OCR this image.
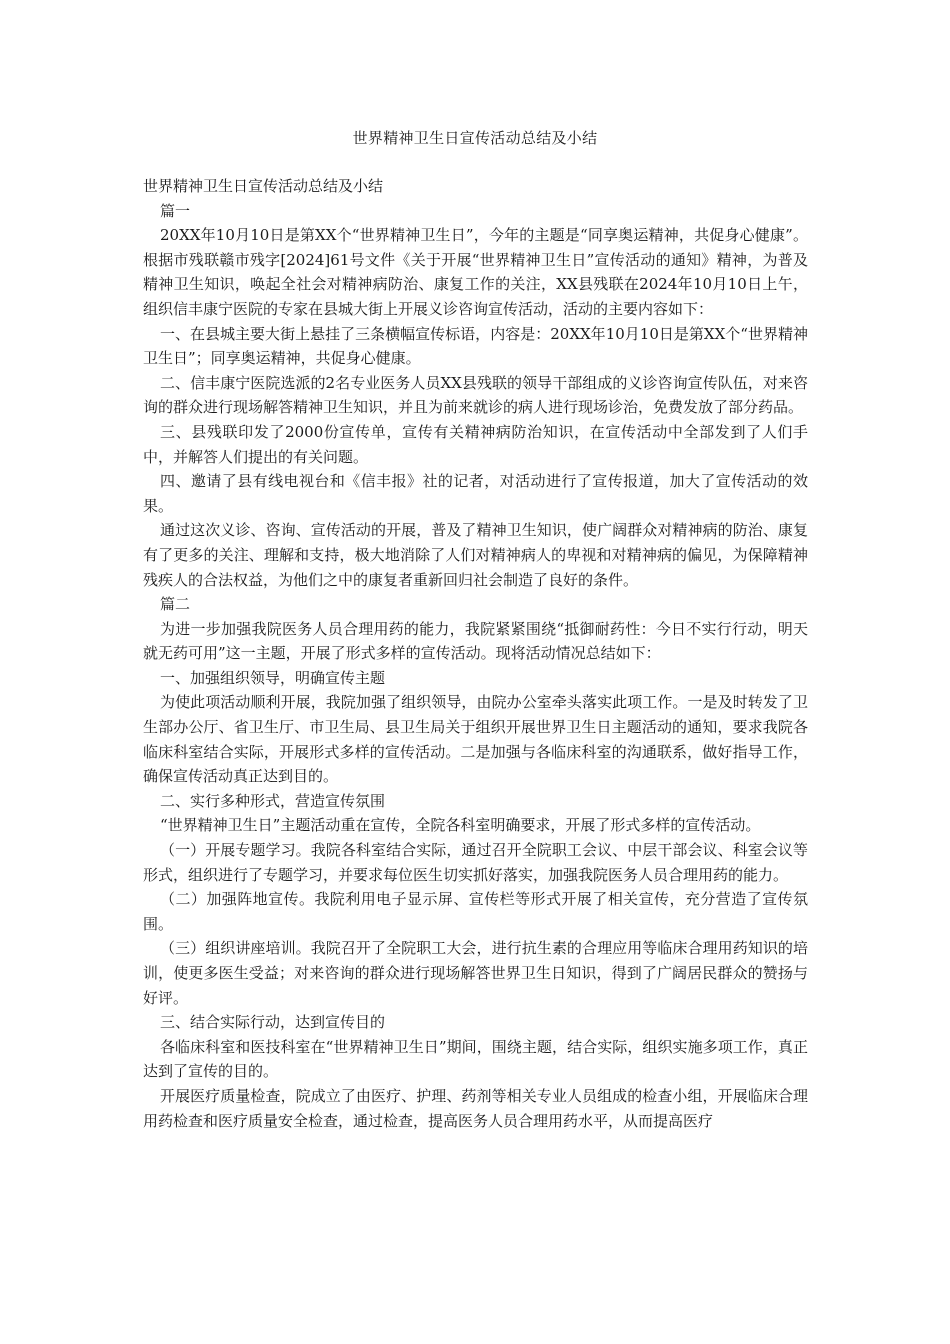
世界精神卫生日宣传活动总结及小结

世界精神卫生日宣传活动总结及小结

篇一

20XX年10月10日是第XX个“世界精神卫生日”，今年的主题是“同享奥运精神，共促身心健康”。根据市残联赣市残字[2024]61号文件《关于开展“世界精神卫生日”宣传活动的通知》精神，为普及精神卫生知识，唤起全社会对精神病防治、康复工作的关注，XX县残联在2024年10月10日上午，组织信丰康宁医院的专家在县城大街上开展义诊咨询宣传活动，活动的主要内容如下：

一、在县城主要大街上悬挂了三条横幅宣传标语，内容是：20XX年10月10日是第XX个“世界精神卫生日”；同享奥运精神，共促身心健康。

二、信丰康宁医院选派的2名专业医务人员XX县残联的领导干部组成的义诊咨询宣传队伍，对来咨询的群众进行现场解答精神卫生知识，并且为前来就诊的病人进行现场诊治，免费发放了部分药品。

三、县残联印发了2000份宣传单，宣传有关精神病防治知识，在宣传活动中全部发到了人们手中，并解答人们提出的有关问题。

四、邀请了县有线电视台和《信丰报》社的记者，对活动进行了宣传报道，加大了宣传活动的效果。

通过这次义诊、咨询、宣传活动的开展，普及了精神卫生知识，使广阔群众对精神病的防治、康复有了更多的关注、理解和支持，极大地消除了人们对精神病人的卑视和对精神病的偏见，为保障精神残疾人的合法权益，为他们之中的康复者重新回归社会制造了良好的条件。

篇二

为进一步加强我院医务人员合理用药的能力，我院紧紧围绕“抵御耐药性：今日不实行行动，明天就无药可用”这一主题，开展了形式多样的宣传活动。现将活动情况总结如下：

一、加强组织领导，明确宣传主题

为使此项活动顺利开展，我院加强了组织领导，由院办公室牵头落实此项工作。一是及时转发了卫生部办公厅、省卫生厅、市卫生局、县卫生局关于组织开展世界卫生日主题活动的通知，要求我院各临床科室结合实际，开展形式多样的宣传活动。二是加强与各临床科室的沟通联系，做好指导工作，确保宣传活动真正达到目的。

二、实行多种形式，营造宣传氛围

“世界精神卫生日”主题活动重在宣传，全院各科室明确要求，开展了形式多样的宣传活动。

（一）开展专题学习。我院各科室结合实际，通过召开全院职工会议、中层干部会议、科室会议等形式，组织进行了专题学习，并要求每位医生切实抓好落实，加强我院医务人员合理用药的能力。

（二）加强阵地宣传。我院利用电子显示屏、宣传栏等形式开展了相关宣传，充分营造了宣传氛围。

（三）组织讲座培训。我院召开了全院职工大会，进行抗生素的合理应用等临床合理用药知识的培训，使更多医生受益；对来咨询的群众进行现场解答世界卫生日知识，得到了广阔居民群众的赞扬与好评。

三、结合实际行动，达到宣传目的

各临床科室和医技科室在“世界精神卫生日”期间，围绕主题，结合实际，组织实施多项工作，真正达到了宣传的目的。

开展医疗质量检查，院成立了由医疗、护理、药剂等相关专业人员组成的检查小组，开展临床合理用药检查和医疗质量安全检查，通过检查，提高医务人员合理用药水平，从而提高医疗
